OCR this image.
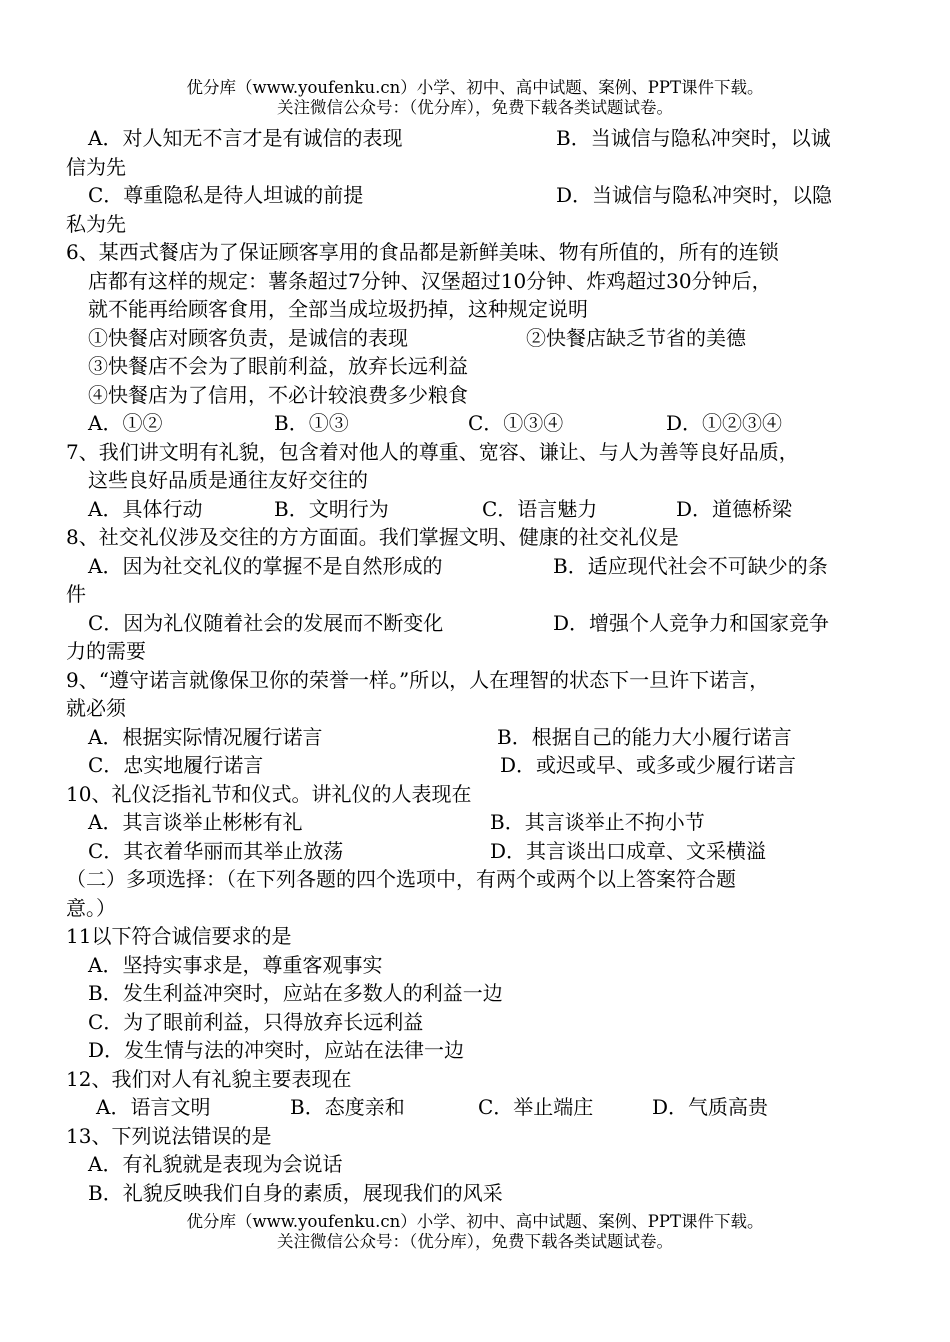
优分库（www.youfenku.cn）小学、初中、高中试题、案例、PPT课件下载。
关注微信公众号：（优分库），免费下载各类试题试卷。
A．对人知无不言才是有诚信的表现	B．当诚信与隐私冲突时，以诚
信为先
C．尊重隐私是待人坦诚的前提	D．当诚信与隐私冲突时，以隐
私为先
6、某西式餐店为了保证顾客享用的食品都是新鲜美味、物有所值的，所有的连锁
店都有这样的规定：薯条超过7分钟、汉堡超过10分钟、炸鸡超过30分钟后，
就不能再给顾客食用，全部当成垃圾扔掉，这种规定说明
①快餐店对顾客负责，是诚信的表现	②快餐店缺乏节省的美德
③快餐店不会为了眼前利益，放弃长远利益
④快餐店为了信用，不必计较浪费多少粮食
A．①②	B．①③	C．①③④	D．①②③④
7、我们讲文明有礼貌，包含着对他人的尊重、宽容、谦让、与人为善等良好品质，
这些良好品质是通往友好交往的
A．具体行动	B．文明行为	C．语言魅力	D．道德桥梁
8、社交礼仪涉及交往的方方面面。我们掌握文明、健康的社交礼仪是
A．因为社交礼仪的掌握不是自然形成的	B．适应现代社会不可缺少的条
件
C．因为礼仪随着社会的发展而不断变化	D．增强个人竞争力和国家竞争
力的需要
9、“遵守诺言就像保卫你的荣誉一样。”所以，人在理智的状态下一旦许下诺言，
就必须
A．根据实际情况履行诺言	B．根据自己的能力大小履行诺言
C．忠实地履行诺言	D．或迟或早、或多或少履行诺言
10、礼仪泛指礼节和仪式。讲礼仪的人表现在
A．其言谈举止彬彬有礼	B．其言谈举止不拘小节
C．其衣着华丽而其举止放荡	D．其言谈出口成章、文采横溢
（二）多项选择：（在下列各题的四个选项中，有两个或两个以上答案符合题
意。）
11以下符合诚信要求的是
A．坚持实事求是，尊重客观事实
B．发生利益冲突时，应站在多数人的利益一边
C．为了眼前利益，只得放弃长远利益
D．发生情与法的冲突时，应站在法律一边
12、我们对人有礼貌主要表现在
A．语言文明	B．态度亲和	C．举止端庄	D．气质高贵
13、下列说法错误的是
A．有礼貌就是表现为会说话
B．礼貌反映我们自身的素质，展现我们的风采
优分库（www.youfenku.cn）小学、初中、高中试题、案例、PPT课件下载。
关注微信公众号：（优分库），免费下载各类试题试卷。
